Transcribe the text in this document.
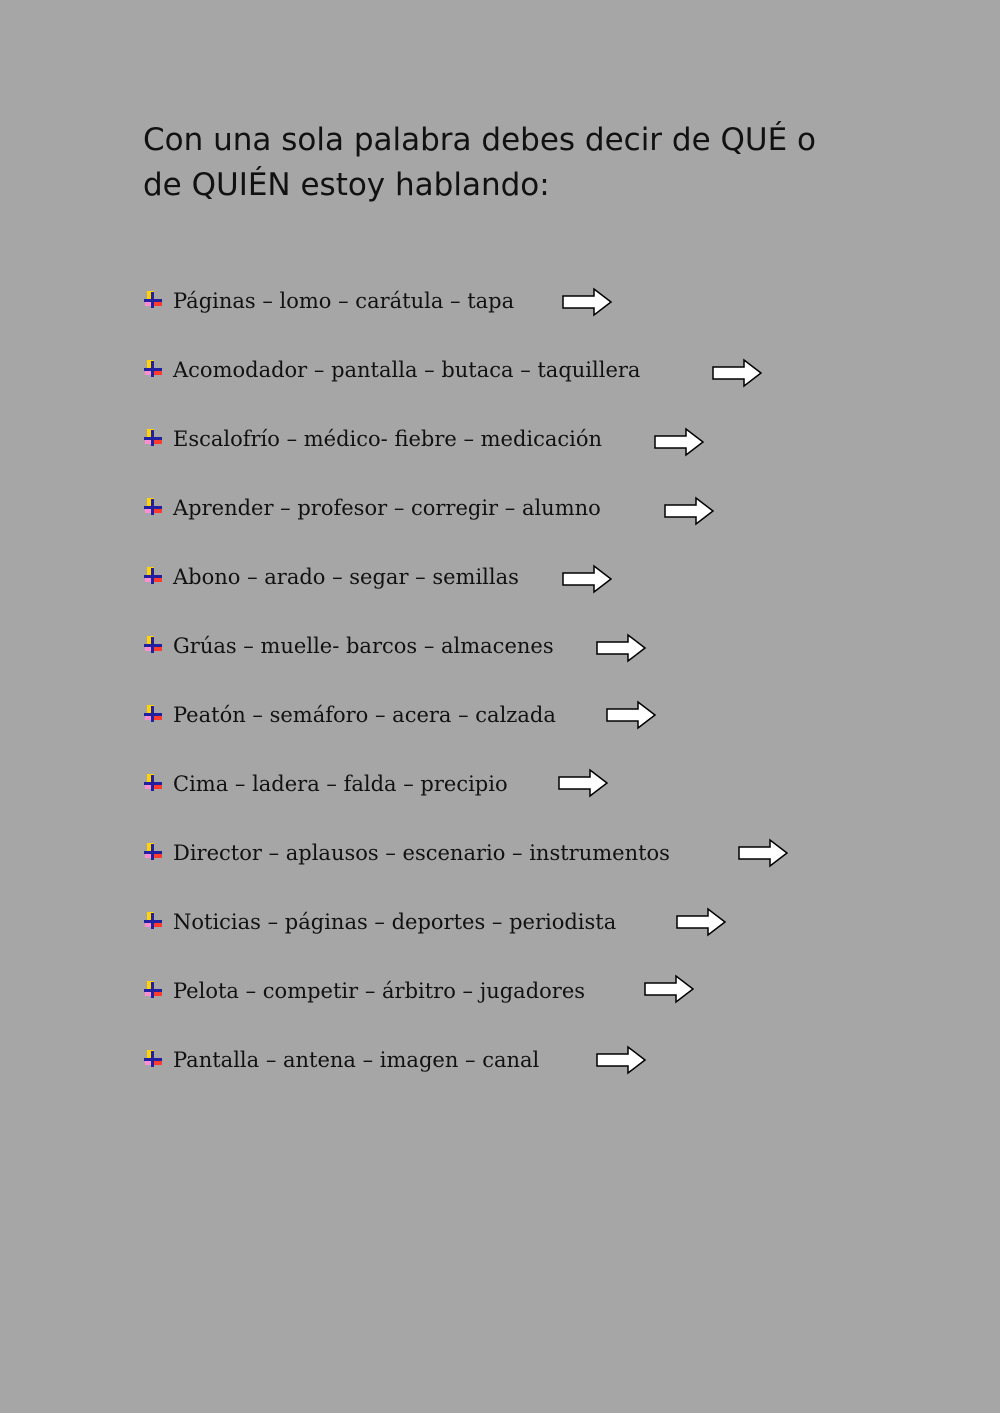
Con una sola palabra debes decir de QUÉ o de QUIÉN estoy hablando:
Páginas – lomo – carátula – tapa
Acomodador – pantalla – butaca – taquillera
Escalofrío – médico- fiebre – medicación
Aprender – profesor – corregir – alumno
Abono – arado – segar – semillas
Grúas – muelle- barcos – almacenes
Peatón – semáforo – acera – calzada
Cima – ladera – falda – precipio
Director – aplausos – escenario – instrumentos
Noticias – páginas – deportes – periodista
Pelota – competir – árbitro – jugadores
Pantalla – antena – imagen – canal
